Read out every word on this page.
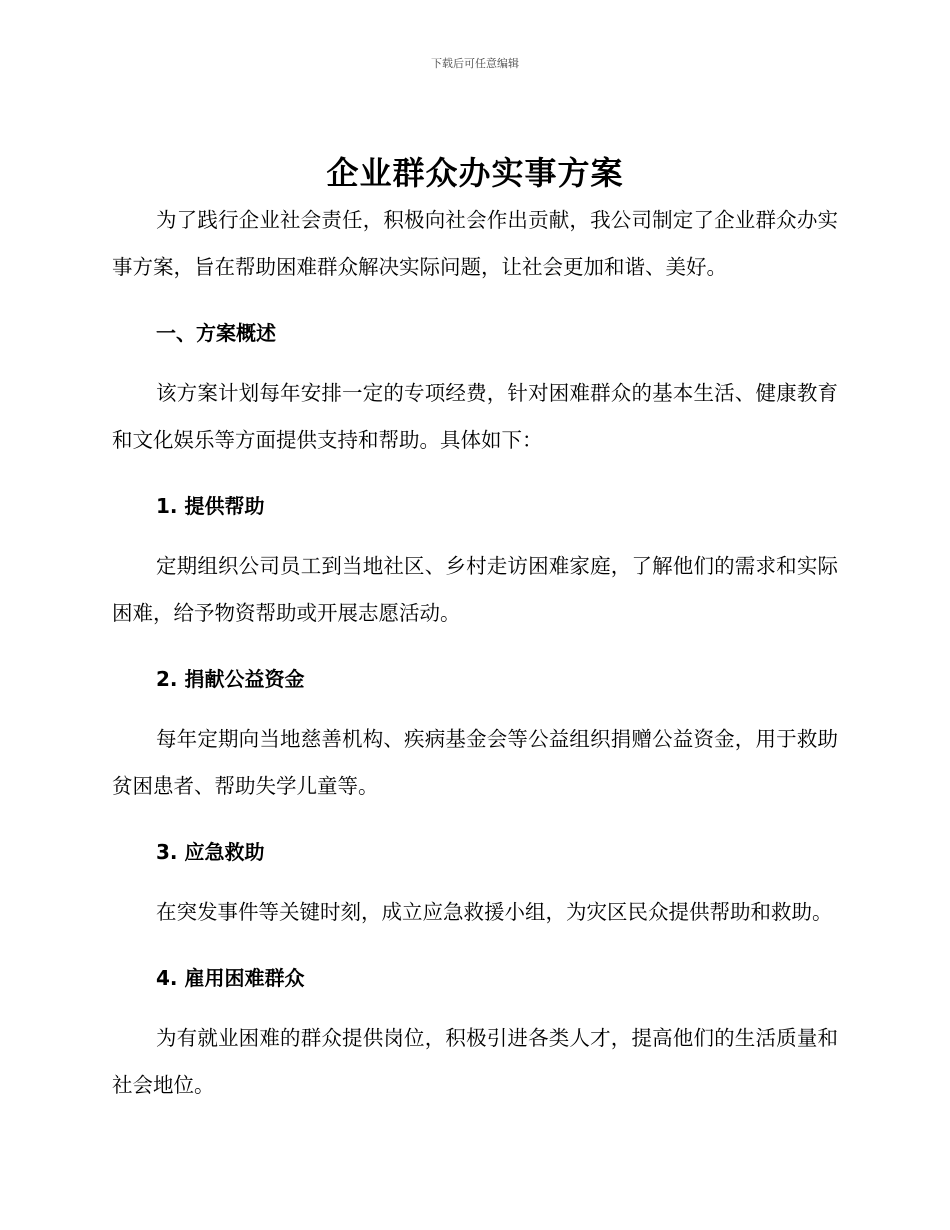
下载后可任意编辑
企业群众办实事方案

为了践行企业社会责任，积极向社会作出贡献，我公司制定了企业群众办实事方案，旨在帮助困难群众解决实际问题，让社会更加和谐、美好。

一、方案概述

该方案计划每年安排一定的专项经费，针对困难群众的基本生活、健康教育和文化娱乐等方面提供支持和帮助。具体如下：

1. 提供帮助

定期组织公司员工到当地社区、乡村走访困难家庭，了解他们的需求和实际困难，给予物资帮助或开展志愿活动。

2. 捐献公益资金

每年定期向当地慈善机构、疾病基金会等公益组织捐赠公益资金，用于救助贫困患者、帮助失学儿童等。

3. 应急救助

在突发事件等关键时刻，成立应急救援小组，为灾区民众提供帮助和救助。

4. 雇用困难群众

为有就业困难的群众提供岗位，积极引进各类人才，提高他们的生活质量和社会地位。
